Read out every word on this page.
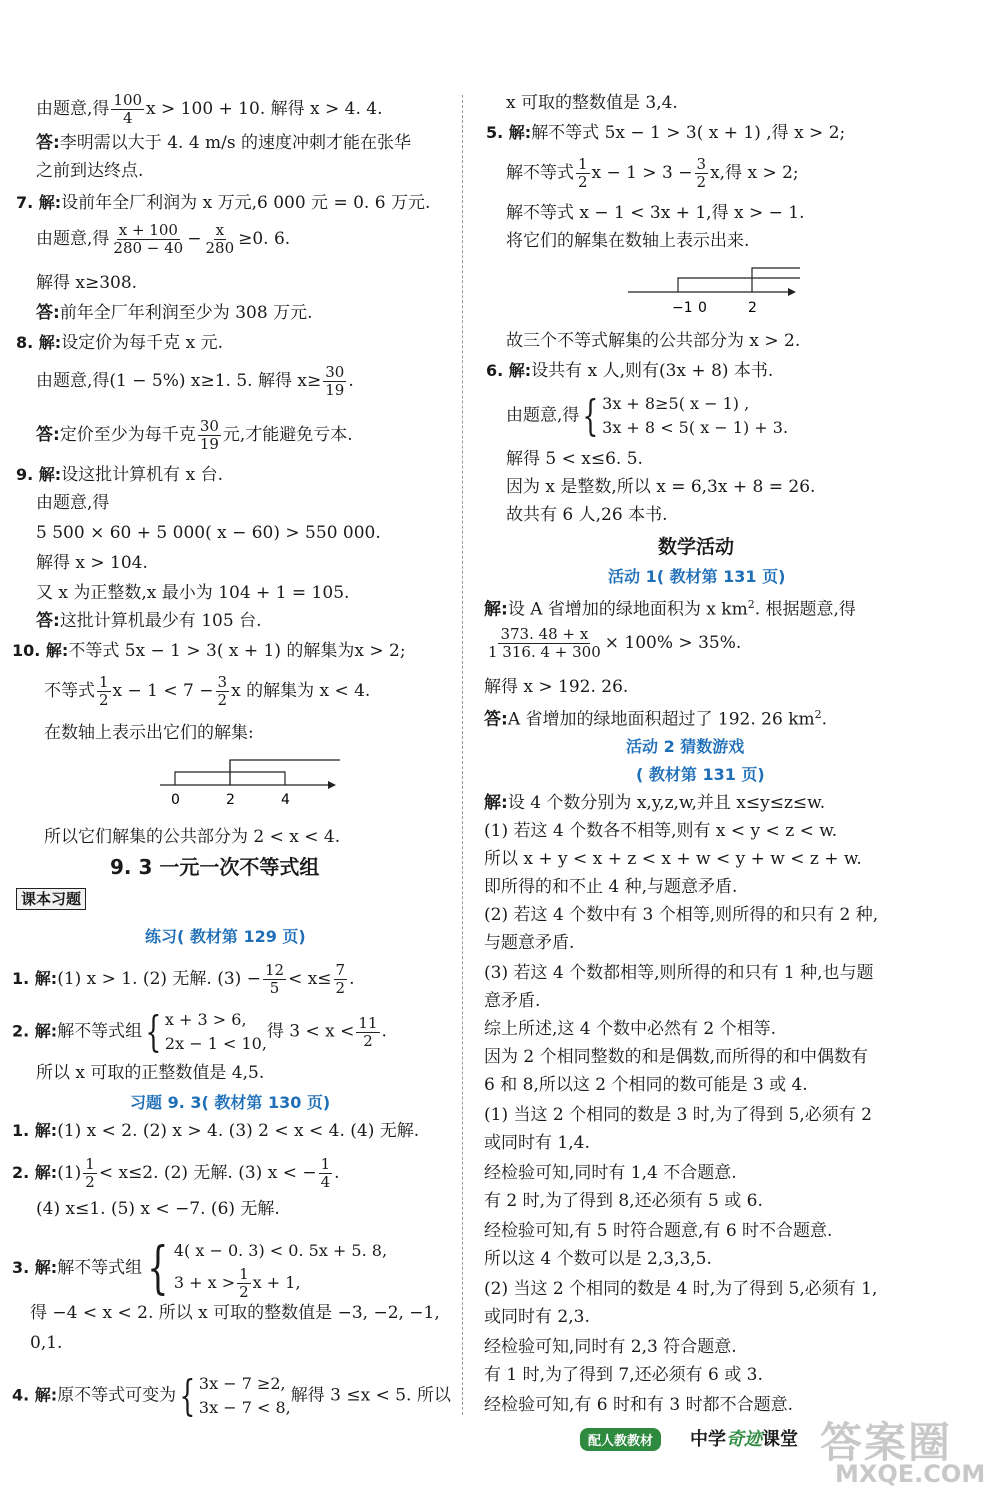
由题意,得 $\frac{100}{4}$ x > 100 + 10. 解得 x > 4. 4.
答:李明需以大于 4. 4 m/s 的速度冲刺才能在张华
之前到达终点.
7. 解:设前年全厂利润为 x 万元,6 000 元 = 0. 6 万元.
由题意,得 $\frac{x + 100}{280 - 40} - \frac{x}{280} \ge 0$. 6.
解得 x≥308.
答:前年全厂年利润至少为 308 万元.
8. 解:设定价为每千克 x 元.
由题意,得(1 − 5%) x≥1. 5. 解得 $x\ge \frac{30}{19}$ .
答:定价至少为每千克 $\frac{30}{19}$ 元,才能避免亏本.
9. 解:设这批计算机有 x 台.
由题意,得
5 500 × 60 + 5 000( x − 60) > 550 000.
解得 x > 104.
又 x 为正整数,x 最小为 104 + 1 = 105.
答:这批计算机最少有 105 台.
10. 解:不等式 5x − 1 > 3( x + 1) 的解集为x > 2;
不等式 $\frac{1}{2}$ $x - 1 < 7 - \frac{3}{2}$ x 的解集为 x < 4.
在数轴上表示出它们的解集:
0	2	4
所以它们解集的公共部分为 2 < x < 4.
9. 3 一元一次不等式组
课本习题
练习( 教材第 129 页)
1. 解:(1) x > 1. (2) 无解. $(3) - \frac{12}{5} < x\le \frac{7}{2}$ .
2. 解:解不等式组{ x + 3 > 6,
2x − 1 < 10,得 $3 < x < \frac{11}{2}$ .
所以 x 可取的正整数值是 4,5.
习题 9. 3( 教材第 130 页)
1. 解:(1) x < 2. (2) x > 4. (3) 2 < x < 4. (4) 无解.
2. 解:(1) $\frac{1}{2} < x\le 2$. (2) 无解. (3) x < − $\frac{1}{4}$ .
(4) x≤1. (5) x < −7. (6) 无解.
3. 解:解不等式组{ 4( x − 0. 3) < 0. 5x + 5. 8,
$3 + x > \frac{1}{2}$ x + 1,
得 −4 < x < 2. 所以 x 可取的整数值是 −3, −2, −1,
0,1.
4. 解:原不等式可变为{ 3x − 7 ≥2,
3x − 7 < 8,解得 3 ≤x < 5. 所以
x 可取的整数值是 3,4.
5. 解:解不等式 5x − 1 > 3( x + 1) ,得 x > 2;
解不等式 $\frac{1}{2}$ $x - 1 > 3 - \frac{3}{2} x$,得 x > 2;
解不等式 x − 1 < 3x + 1,得 x > − 1.
将它们的解集在数轴上表示出来.
−1 0	2
故三个不等式解集的公共部分为 x > 2.
6. 解:设共有 x 人,则有(3x + 8) 本书.
由题意,得{ 3x + 8≥5( x − 1) ,
3x + 8 < 5( x − 1) + 3.
解得 5 < x≤6. 5.
因为 x 是整数,所以 x = 6,3x + 8 = 26.
故共有 6 人,26 本书.
数学活动
活动 1( 教材第 131 页)
解:设 A 省增加的绿地面积为 x $km^2$. 根据题意,得
$\frac{373. 48 + x}{1 316. 4 + 300} \times 100\% > 35\%$.
解得 x > 192. 26.
答:A 省增加的绿地面积超过了 192. 26 $km^2$.
活动 2 猜数游戏
( 教材第 131 页)
解:设 4 个数分别为 x,y,z,w,并且 x≤y≤z≤w.
(1) 若这 4 个数各不相等,则有 x < y < z < w.
所以 x + y < x + z < x + w < y + w < z + w.
即所得的和不止 4 种,与题意矛盾.
(2) 若这 4 个数中有 3 个相等,则所得的和只有 2 种,
与题意矛盾.
(3) 若这 4 个数都相等,则所得的和只有 1 种,也与题
意矛盾.
综上所述,这 4 个数中必然有 2 个相等.
因为 2 个相同整数的和是偶数,而所得的和中偶数有
6 和 8,所以这 2 个相同的数可能是 3 或 4.
(1) 当这 2 个相同的数是 3 时,为了得到 5,必须有 2
或同时有 1,4.
经检验可知,同时有 1,4 不合题意.
有 2 时,为了得到 8,还必须有 5 或 6.
经检验可知,有 5 时符合题意,有 6 时不合题意.
所以这 4 个数可以是 2,3,3,5.
(2) 当这 2 个相同的数是 4 时,为了得到 5,必须有 1,
或同时有 2,3.
经检验可知,同时有 2,3 符合题意.
有 1 时,为了得到 7,还必须有 6 或 3.
经检验可知,有 6 时和有 3 时都不合题意.
配人教教材	中学奇迹课堂 答案圈
MXQE.COM
